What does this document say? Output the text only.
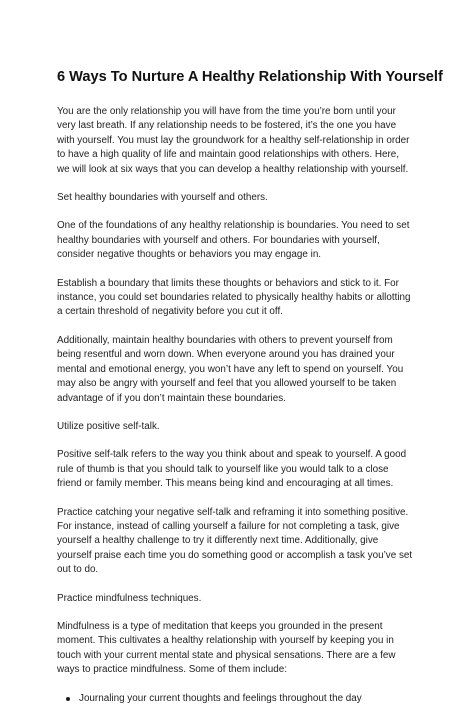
6 Ways To Nurture A Healthy Relationship With Yourself

You are the only relationship you will have from the time you’re born until your very last breath. If any relationship needs to be fostered, it’s the one you have with yourself. You must lay the groundwork for a healthy self-relationship in order to have a high quality of life and maintain good relationships with others. Here, we will look at six ways that you can develop a healthy relationship with yourself.

Set healthy boundaries with yourself and others.

One of the foundations of any healthy relationship is boundaries. You need to set healthy boundaries with yourself and others. For boundaries with yourself, consider negative thoughts or behaviors you may engage in.

Establish a boundary that limits these thoughts or behaviors and stick to it. For instance, you could set boundaries related to physically healthy habits or allotting a certain threshold of negativity before you cut it off.

Additionally, maintain healthy boundaries with others to prevent yourself from being resentful and worn down. When everyone around you has drained your mental and emotional energy, you won’t have any left to spend on yourself. You may also be angry with yourself and feel that you allowed yourself to be taken advantage of if you don’t maintain these boundaries.

Utilize positive self-talk.

Positive self-talk refers to the way you think about and speak to yourself. A good rule of thumb is that you should talk to yourself like you would talk to a close friend or family member. This means being kind and encouraging at all times.

Practice catching your negative self-talk and reframing it into something positive. For instance, instead of calling yourself a failure for not completing a task, give yourself a healthy challenge to try it differently next time. Additionally, give yourself praise each time you do something good or accomplish a task you’ve set out to do.

Practice mindfulness techniques.

Mindfulness is a type of meditation that keeps you grounded in the present moment. This cultivates a healthy relationship with yourself by keeping you in touch with your current mental state and physical sensations. There are a few ways to practice mindfulness. Some of them include:

Journaling your current thoughts and feelings throughout the day
